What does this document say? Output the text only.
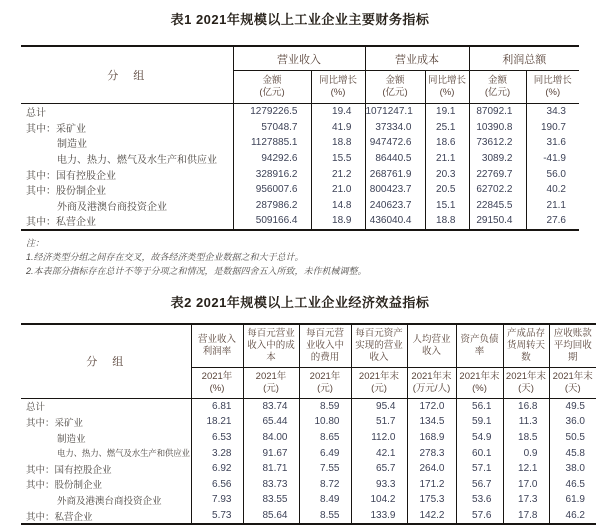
表1 2021年规模以上工业企业主要财务指标
分　组	营业收入		营业成本		利润总额	

金额
(亿元)

同比增长
(%)

金额
(亿元)

同比增长
(%)

金额
(亿元)

同比增长
(%)

总计	1279226.5	19.4	1071247.1	19.1	87092.1	34.3
其中：采矿业	57048.7	41.9	37334.0	25.1	10390.8	190.7
制造业	1127885.1	18.8	947472.6	18.6	73612.2	31.6
电力、热力、燃气及水生产和供应业	94292.6	15.5	86440.5	21.1	3089.2	-41.9
其中：国有控股企业	328916.2	21.2	268761.9	20.3	22769.7	56.0
其中：股份制企业	956007.6	21.0	800423.7	20.5	62702.2	40.2
外商及港澳台商投资企业	287986.2	14.8	240623.7	15.1	22845.5	21.1
其中：私营企业	509166.4	18.9	436040.4	18.8	29150.4	27.6
注：
1.经济类型分组之间存在交叉，故各经济类型企业数据之和大于总计。
2.本表部分指标存在总计不等于分项之和情况，是数据四舍五入所致，未作机械调整。
表2 2021年规模以上工业企业经济效益指标
分　组	营业收入利润率	每百元营业收入中的成本	每百元营业收入中的费用	每百元资产实现的营业收入	人均营业收入	资产负债率	产成品存货周转天数	应收账款平均回收期

2021年
(%)

2021年
(元)

2021年
(元)

2021年末
(元)

2021年末
(万元/人)

2021年末
(%)

2021年末
(天)

2021年末
(天)

总计	6.81	83.74	8.59	95.4	172.0	56.1	16.8	49.5
其中：采矿业	18.21	65.44	10.80	51.7	134.5	59.1	11.3	36.0
制造业	6.53	84.00	8.65	112.0	168.9	54.9	18.5	50.5
电力、热力、燃气及水生产和供应业	3.28	91.67	6.49	42.1	278.3	60.1	0.9	45.8
其中：国有控股企业	6.92	81.71	7.55	65.7	264.0	57.1	12.1	38.0
其中：股份制企业	6.56	83.73	8.72	93.3	171.2	56.7	17.0	46.5
外商及港澳台商投资企业	7.93	83.55	8.49	104.2	175.3	53.6	17.3	61.9
其中：私营企业	5.73	85.64	8.55	133.9	142.2	57.6	17.8	46.2
